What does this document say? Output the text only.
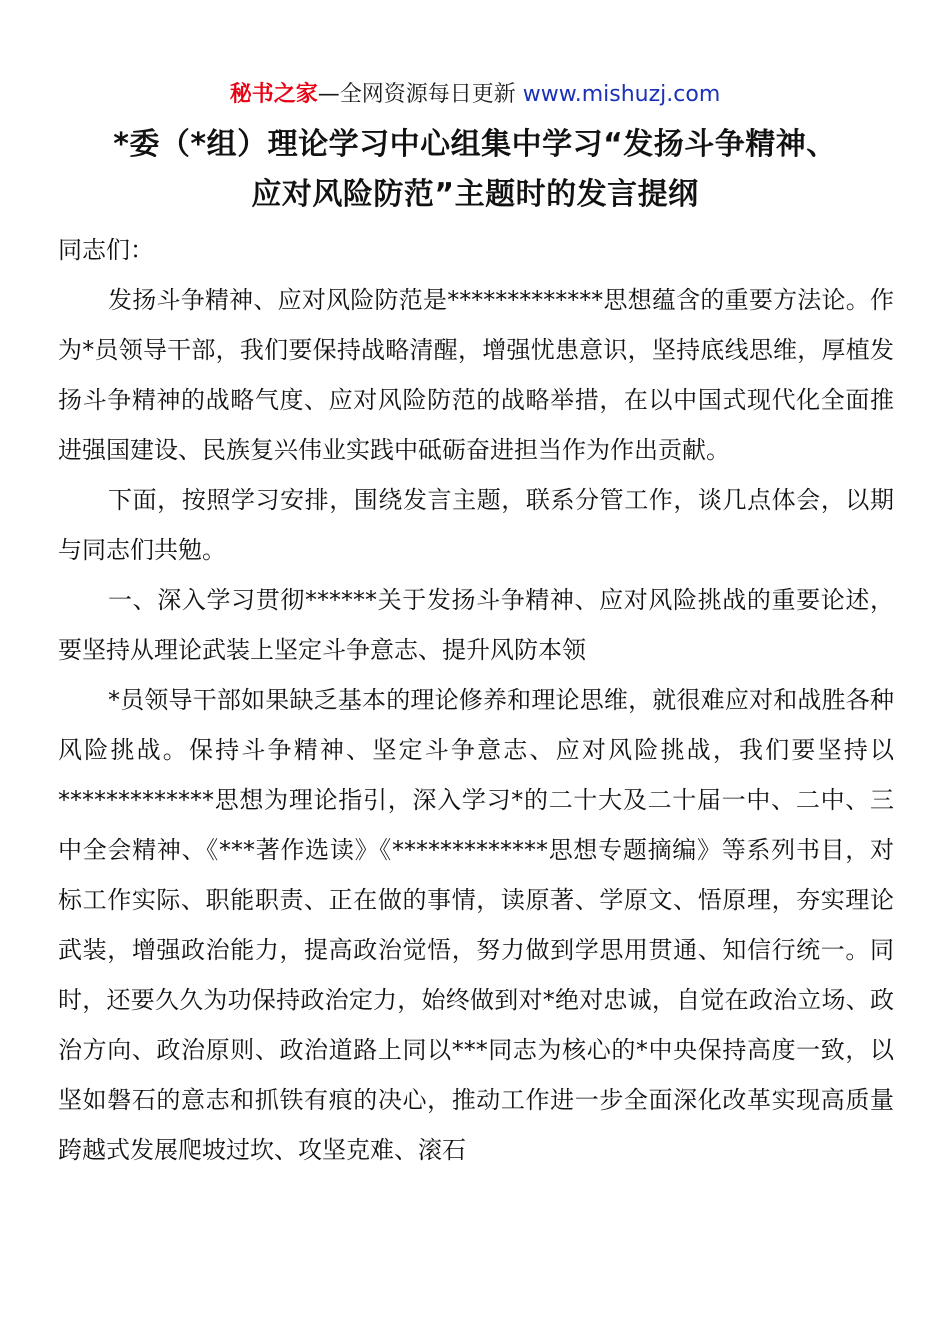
秘书之家—全网资源每日更新 www.mishuzj.com
*委（*组）理论学习中心组集中学习“发扬斗争精神、
应对风险防范”主题时的发言提纲

同志们：

发扬斗争精神、应对风险防范是*************思想蕴含的重要方法论。作为*员领导干部，我们要保持战略清醒，增强忧患意识，坚持底线思维，厚植发扬斗争精神的战略气度、应对风险防范的战略举措，在以中国式现代化全面推进强国建设、民族复兴伟业实践中砥砺奋进担当作为作出贡献。

下面，按照学习安排，围绕发言主题，联系分管工作，谈几点体会，以期与同志们共勉。

一、深入学习贯彻******关于发扬斗争精神、应对风险挑战的重要论述，要坚持从理论武装上坚定斗争意志、提升风防本领

*员领导干部如果缺乏基本的理论修养和理论思维，就很难应对和战胜各种风险挑战。保持斗争精神、坚定斗争意志、应对风险挑战，我们要坚持以*************思想为理论指引，深入学习*的二十大及二十届一中、二中、三中全会精神、《***著作选读》《*************思想专题摘编》等系列书目，对标工作实际、职能职责、正在做的事情，读原著、学原文、悟原理，夯实理论武装，增强政治能力，提高政治觉悟，努力做到学思用贯通、知信行统一。同时，还要久久为功保持政治定力，始终做到对*绝对忠诚，自觉在政治立场、政治方向、政治原则、政治道路上同以***同志为核心的*中央保持高度一致，以坚如磐石的意志和抓铁有痕的决心，推动工作进一步全面深化改革实现高质量跨越式发展爬坡过坎、攻坚克难、滚石
